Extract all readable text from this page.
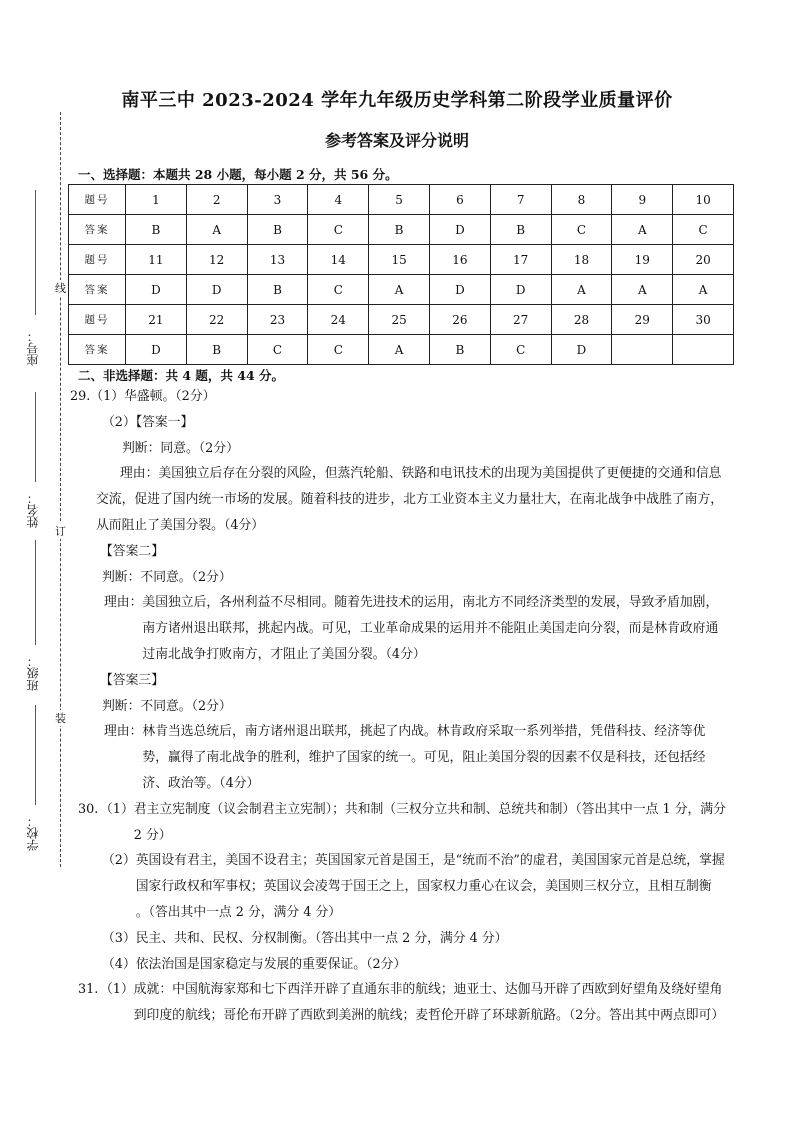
线
订
装
座号：
姓名：
班级：
学校：
南平三中 2023-2024 学年九年级历史学科第二阶段学业质量评价
参考答案及评分说明
一、选择题：本题共 28 小题，每小题 2 分，共 56 分。
题号	1	2	3	4	5	6	7	8	9	10
答案	B	A	B	C	B	D	B	C	A	C
题号	11	12	13	14	15	16	17	18	19	20
答案	D	D	B	C	A	D	D	A	A	A
题号	21	22	23	24	25	26	27	28	29	30
答案	D	B	C	C	A	B	C	D		
二、非选择题：共 4 题，共 44 分。
29. （1）华盛顿。（2分）
（2）【答案一】
判断：同意。（2分）
理由：美国独立后存在分裂的风险，但蒸汽轮船、铁路和电讯技术的出现为美国提供了更便捷的交通和信息交流，促进了国内统一市场的发展。随着科技的进步，北方工业资本主义力量壮大，在南北战争中战胜了南方，从而阻止了美国分裂。（4分）
【答案二】
判断：不同意。（2分）
理由： 美国独立后，各州利益不尽相同。随着先进技术的运用，南北方不同经济类型的发展，导致矛盾加剧，南方诸州退出联邦，挑起内战。可见，工业革命成果的运用并不能阻止美国走向分裂，而是林肯政府通过南北战争打败南方，才阻止了美国分裂。（4分）
【答案三】
判断：不同意。（2分）
理由： 林肯当选总统后，南方诸州退出联邦，挑起了内战。林肯政府采取一系列举措，凭借科技、经济等优势，赢得了南北战争的胜利，维护了国家的统一。可见，阻止美国分裂的因素不仅是科技，还包括经济、政治等。（4分）
30. （1） 君主立宪制度（议会制君主立宪制）；共和制（三权分立共和制、总统共和制）（答出其中一点 1 分，满分 2 分）
（2） 英国设有君主，美国不设君主；英国国家元首是国王，是“统而不治”的虚君，美国国家元首是总统，掌握国家行政权和军事权；英国议会凌驾于国王之上，国家权力重心在议会，美国则三权分立，且相互制衡 。（答出其中一点 2 分，满分 4 分）
（3） 民主、共和、民权、分权制衡。（答出其中一点 2 分，满分 4 分）
（4） 依法治国是国家稳定与发展的重要保证。（2分）
31. （1） 成就：中国航海家郑和七下西洋开辟了直通东非的航线；迪亚士、达伽马开辟了西欧到好望角及绕好望角到印度的航线；哥伦布开辟了西欧到美洲的航线；麦哲伦开辟了环球新航路。（2分。答出其中两点即可）
